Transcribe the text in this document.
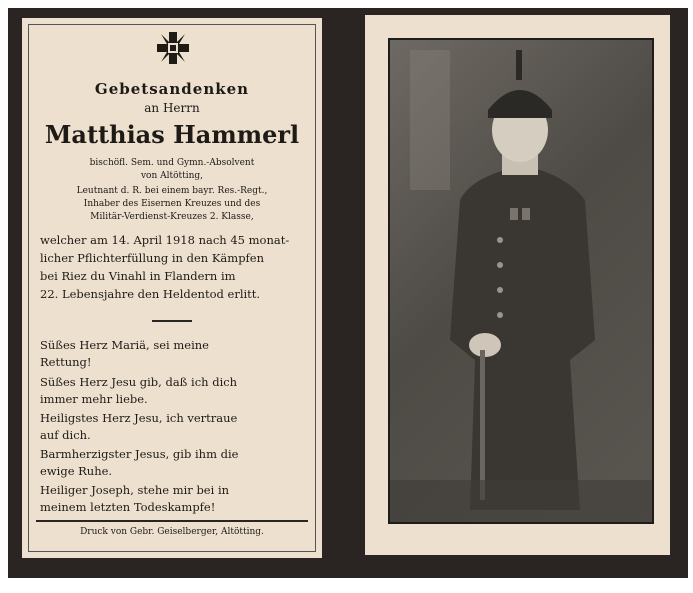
Gebetsandenken

an Herrn

Matthias Hammerl

bischöfl. Sem. und Gymn.-Absolvent

von Altötting,

Leutnant d. R. bei einem bayr. Res.-Regt.,

Inhaber des Eisernen Kreuzes und des

Militär-Verdienst-Kreuzes 2. Klasse,

welcher am 14. April 1918 nach 45 monat-

licher Pflichterfüllung in den Kämpfen

bei Riez du Vinahl in Flandern im

22. Lebensjahre den Heldentod erlitt.

Süßes Herz Mariä, sei meine

Rettung!

Süßes Herz Jesu gib, daß ich dich

immer mehr liebe.

Heiligstes Herz Jesu, ich vertraue

auf dich.

Barmherzigster Jesus, gib ihm die

ewige Ruhe.

Heiliger Joseph, stehe mir bei in

meinem letzten Todeskampfe!

Druck von Gebr. Geiselberger, Altötting.
